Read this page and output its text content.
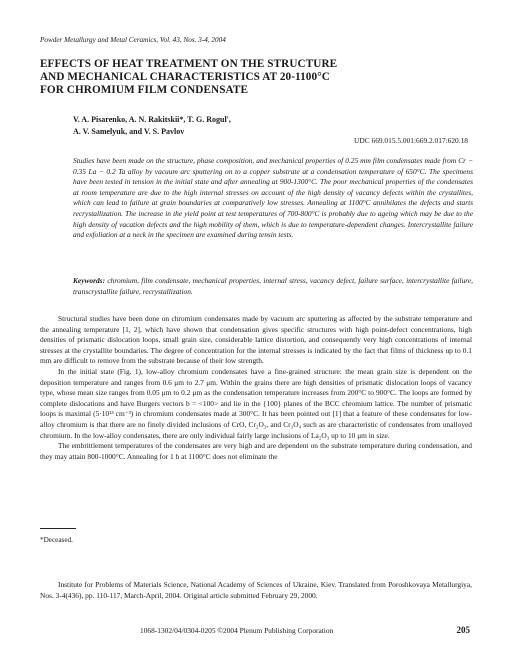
Powder Metallurgy and Metal Ceramics, Vol. 43, Nos. 3-4, 2004
EFFECTS OF HEAT TREATMENT ON THE STRUCTURE
AND MECHANICAL CHARACTERISTICS AT 20-1100°C
FOR CHROMIUM FILM CONDENSATE
V. A. Pisarenko, A. N. Rakitskii*, T. G. Rogul',
A. V. Samelyuk, and V. S. Pavlov
UDC 669.015.5.001:669.2.017:620.18
Studies have been made on the structure, phase composition, and mechanical properties of 0.25 mm film condensates made from Cr − 0.35 La − 0.2 Ta alloy by vacuum arc sputtering on to a copper substrate at a condensation temperature of 650°C. The specimens have been tested in tension in the initial state and after annealing at 900-1300°C. The poor mechanical properties of the condensates at room temperature are due to the high internal stresses on account of the high density of vacancy defects within the crystallites, which can lead to failure at grain boundaries at comparatively low stresses. Annealing at 1100°C annihilates the defects and starts recrystallization. The increase in the yield point at test temperatures of 700-800°C is probably due to ageing which may be due to the high density of vacation defects and the high mobility of them, which is due to temperature-dependent changes. Intercrystallite failure and exfoliation at a neck in the specimen are examined during tensin tests.
Keywords: chromium, film condensate, mechanical properties, internal stress, vacancy defect, failure surface, intercrystallite failure, transcrystallite failure, recrystallization.

Structural studies have been done on chromium condensates made by vacuum arc sputtering as affected by the substrate temperature and the annealing temperature [1, 2], which have shown that condensation gives specific structures with high point-defect concentrations, high densities of prismatic dislocation loops, small grain size, considerable lattice distortion, and consequently very high concentrations of internal stresses at the crystallite boundaries. The degree of concentration for the internal stresses is indicated by the fact that films of thickness up to 0.1 mm are difficult to remove from the substrate because of their low strength.

In the initial state (Fig. 1), low-alloy chromium condensates have a fine-grained structure: the mean grain size is dependent on the deposition temperature and ranges from 0.6 μm to 2.7 μm. Within the grains there are high densities of prismatic dislocation loops of vacancy type, whose mean size ranges from 0.05 μm to 0.2 μm as the condensation temperature increases from 200°C to 900°C. The loops are formed by complete dislocations and have Burgers vectors b = <100> and lie in the {100} planes of the BCC chromium lattice. The number of prismatic loops is maximal (5·10¹³ cm⁻³) in chromium condensates made at 300°C. It has been pointed out [1] that a feature of these condensates for low-alloy chromium is that there are no finely divided inclusions of CrO, Cr₂O₃, and Cr₃O₄ such as are characteristic of condensates from unalloyed chromium. In the low-alloy condensates, there are only individual fairly large inclusions of La₂O₃ up to 10 μm in size.

The embrittlement temperatures of the condensates are very high and are dependent on the substrate temperature during condensation, and they may attain 800-1000°C. Annealing for 1 h at 1100°C does not eliminate the

*Deceased.
Institute for Problems of Materials Science, National Academy of Sciences of Ukraine, Kiev. Translated from Poroshkovaya Metallurgiya, Nos. 3-4(436), pp. 110-117, March-April, 2004. Original article submitted February 29, 2000.
1068-1302/04/0304-0205 ©2004 Plenum Publishing Corporation	205
